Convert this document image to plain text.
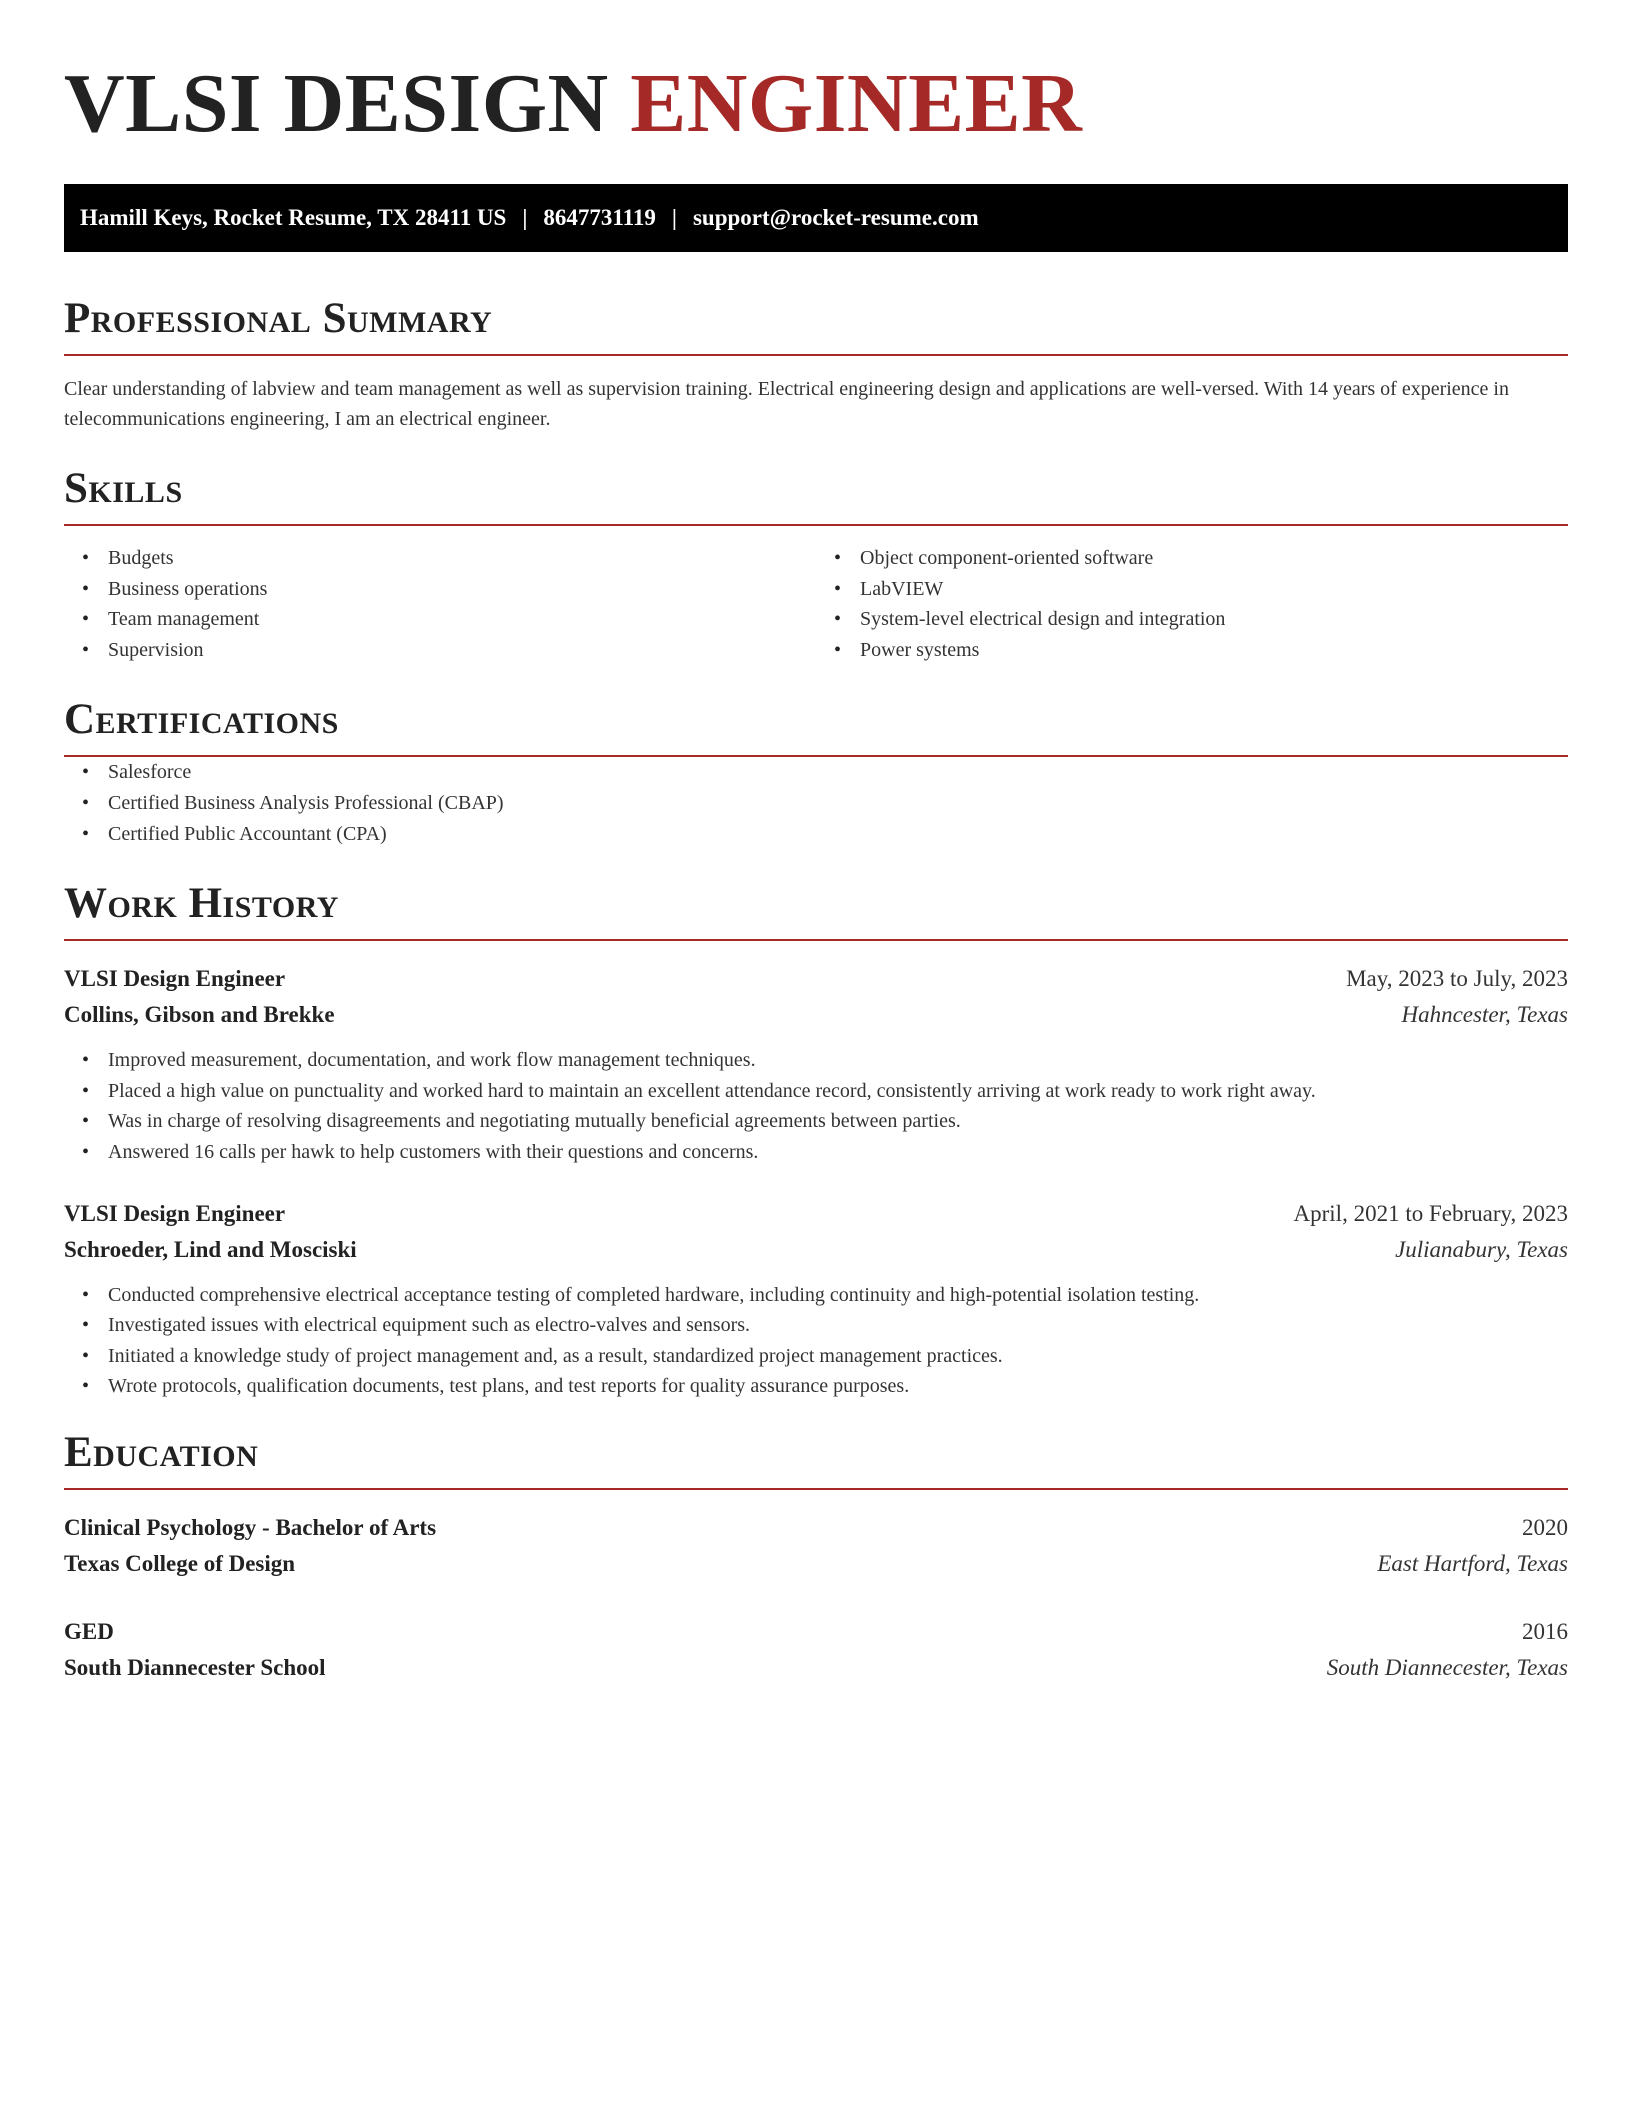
VLSI DESIGN ENGINEER
Hamill Keys, Rocket Resume, TX 28411 US | 8647731119 | support@rocket-resume.com
Professional Summary

Clear understanding of labview and team management as well as supervision training. Electrical engineering design and applications are well-versed. With 14 years of experience in telecommunications engineering, I am an electrical engineer.

Skills
• Budgets
• Business operations
• Team management
• Supervision
• Object component-oriented software
• LabVIEW
• System-level electrical design and integration
• Power systems
Certifications
• Salesforce
• Certified Business Analysis Professional (CBAP)
• Certified Public Accountant (CPA)
Work History
VLSI Design Engineer	May, 2023 to July, 2023
Collins, Gibson and Brekke	Hahncester, Texas
• Improved measurement, documentation, and work flow management techniques.
• Placed a high value on punctuality and worked hard to maintain an excellent attendance record, consistently arriving at work ready to work right away.
• Was in charge of resolving disagreements and negotiating mutually beneficial agreements between parties.
• Answered 16 calls per hawk to help customers with their questions and concerns.
VLSI Design Engineer	April, 2021 to February, 2023
Schroeder, Lind and Mosciski	Julianabury, Texas
• Conducted comprehensive electrical acceptance testing of completed hardware, including continuity and high-potential isolation testing.
• Investigated issues with electrical equipment such as electro-valves and sensors.
• Initiated a knowledge study of project management and, as a result, standardized project management practices.
• Wrote protocols, qualification documents, test plans, and test reports for quality assurance purposes.
Education
Clinical Psychology - Bachelor of Arts	2020
Texas College of Design	East Hartford, Texas
GED	2016
South Diannecester School	South Diannecester, Texas
